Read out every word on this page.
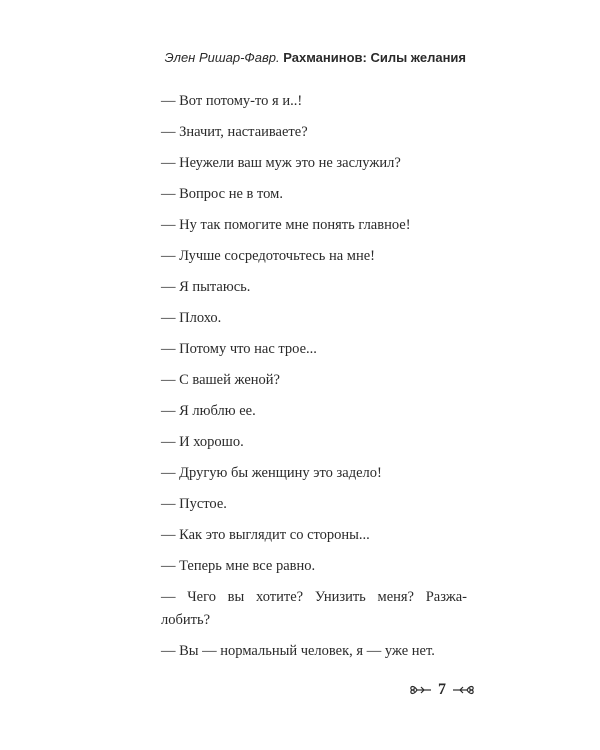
Элен Ришар-Фавр. Рахманинов: Силы желания
— Вот потому-то я и..!
— Значит, настаиваете?
— Неужели ваш муж это не заслужил?
— Вопрос не в том.
— Ну так помогите мне понять главное!
— Лучше сосредоточьтесь на мне!
— Я пытаюсь.
— Плохо.
— Потому что нас трое...
— С вашей женой?
— Я люблю ее.
— И хорошо.
— Другую бы женщину это задело!
— Пустое.
— Как это выглядит со стороны...
— Теперь мне все равно.
— Чего вы хотите? Унизить меня? Разжа-лобить?
— Вы — нормальный человек, я — уже нет.
7
